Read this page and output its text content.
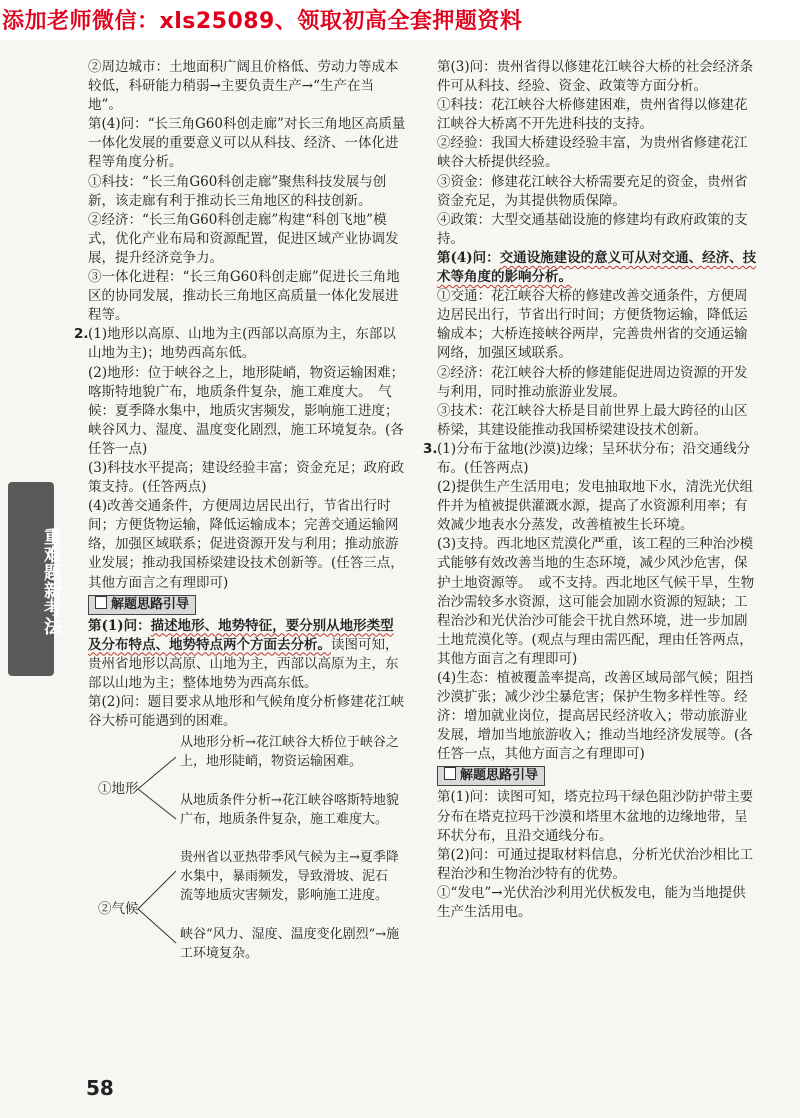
添加老师微信：xls25089、领取初高全套押题资料
重难题新考法

②周边城市：土地面积广阔且价格低、劳动力等成本较低，科研能力稍弱→主要负责生产→“生产在当地”。

第(4)问：“长三角G60科创走廊”对长三角地区高质量一体化发展的重要意义可以从科技、经济、一体化进程等角度分析。

①科技：“长三角G60科创走廊”聚焦科技发展与创新，该走廊有利于推动长三角地区的科技创新。

②经济：“长三角G60科创走廊”构建“科创飞地”模式，优化产业布局和资源配置，促进区域产业协调发展，提升经济竞争力。

③一体化进程：“长三角G60科创走廊”促进长三角地区的协同发展，推动长三角地区高质量一体化发展进程等。

2. (1)地形以高原、山地为主(西部以高原为主，东部以山地为主)；地势西高东低。

(2)地形：位于峡谷之上，地形陡峭，物资运输困难；喀斯特地貌广布，地质条件复杂，施工难度大。　气候：夏季降水集中，地质灾害频发，影响施工进度；峡谷风力、湿度、温度变化剧烈，施工环境复杂。(各任答一点)

(3)科技水平提高；建设经验丰富；资金充足；政府政策支持。(任答两点)

(4)改善交通条件，方便周边居民出行，节省出行时间；方便货物运输，降低运输成本；完善交通运输网络，加强区域联系；促进资源开发与利用；推动旅游业发展；推动我国桥梁建设技术创新等。(任答三点，其他方面言之有理即可)

解题思路引导

第(1)问：描述地形、地势特征，要分别从地形类型及分布特点、地势特点两个方面去分析。读图可知，贵州省地形以高原、山地为主，西部以高原为主，东部以山地为主；整体地势为西高东低。

第(2)问：题目要求从地形和气候角度分析修建花江峡谷大桥可能遇到的困难。

①地形
从地形分析→花江峡谷大桥位于峡谷之上，地形陡峭，物资运输困难。
从地质条件分析→花江峡谷喀斯特地貌广布，地质条件复杂，施工难度大。
②气候
贵州省以亚热带季风气候为主→夏季降水集中，暴雨频发，导致滑坡、泥石流等地质灾害频发，影响施工进度。
峡谷“风力、湿度、温度变化剧烈”→施工环境复杂。

第(3)问：贵州省得以修建花江峡谷大桥的社会经济条件可从科技、经验、资金、政策等方面分析。

①科技：花江峡谷大桥修建困难，贵州省得以修建花江峡谷大桥离不开先进科技的支持。

②经验：我国大桥建设经验丰富，为贵州省修建花江峡谷大桥提供经验。

③资金：修建花江峡谷大桥需要充足的资金，贵州省资金充足，为其提供物质保障。

④政策：大型交通基础设施的修建均有政府政策的支持。

第(4)问：交通设施建设的意义可从对交通、经济、技术等角度的影响分析。

①交通：花江峡谷大桥的修建改善交通条件，方便周边居民出行，节省出行时间；方便货物运输，降低运输成本；大桥连接峡谷两岸，完善贵州省的交通运输网络，加强区域联系。

②经济：花江峡谷大桥的修建能促进周边资源的开发与利用，同时推动旅游业发展。

③技术：花江峡谷大桥是目前世界上最大跨径的山区桥梁，其建设能推动我国桥梁建设技术创新。

3. (1)分布于盆地(沙漠)边缘；呈环状分布；沿交通线分布。(任答两点)

(2)提供生产生活用电；发电抽取地下水，清洗光伏组件并为植被提供灌溉水源，提高了水资源利用率；有效减少地表水分蒸发，改善植被生长环境。

(3)支持。西北地区荒漠化严重，该工程的三种治沙模式能够有效改善当地的生态环境，减少风沙危害，保护土地资源等。　或不支持。西北地区气候干旱，生物治沙需较多水资源，这可能会加剧水资源的短缺；工程治沙和光伏治沙可能会干扰自然环境，进一步加剧土地荒漠化等。(观点与理由需匹配，理由任答两点，其他方面言之有理即可)

(4)生态：植被覆盖率提高，改善区域局部气候；阻挡沙漠扩张；减少沙尘暴危害；保护生物多样性等。经济：增加就业岗位，提高居民经济收入；带动旅游业发展，增加当地旅游收入；推动当地经济发展等。(各任答一点，其他方面言之有理即可)

解题思路引导

第(1)问：读图可知，塔克拉玛干绿色阻沙防护带主要分布在塔克拉玛干沙漠和塔里木盆地的边缘地带，呈环状分布，且沿交通线分布。

第(2)问：可通过提取材料信息，分析光伏治沙相比工程治沙和生物治沙特有的优势。

①“发电”→光伏治沙利用光伏板发电，能为当地提供生产生活用电。

58
